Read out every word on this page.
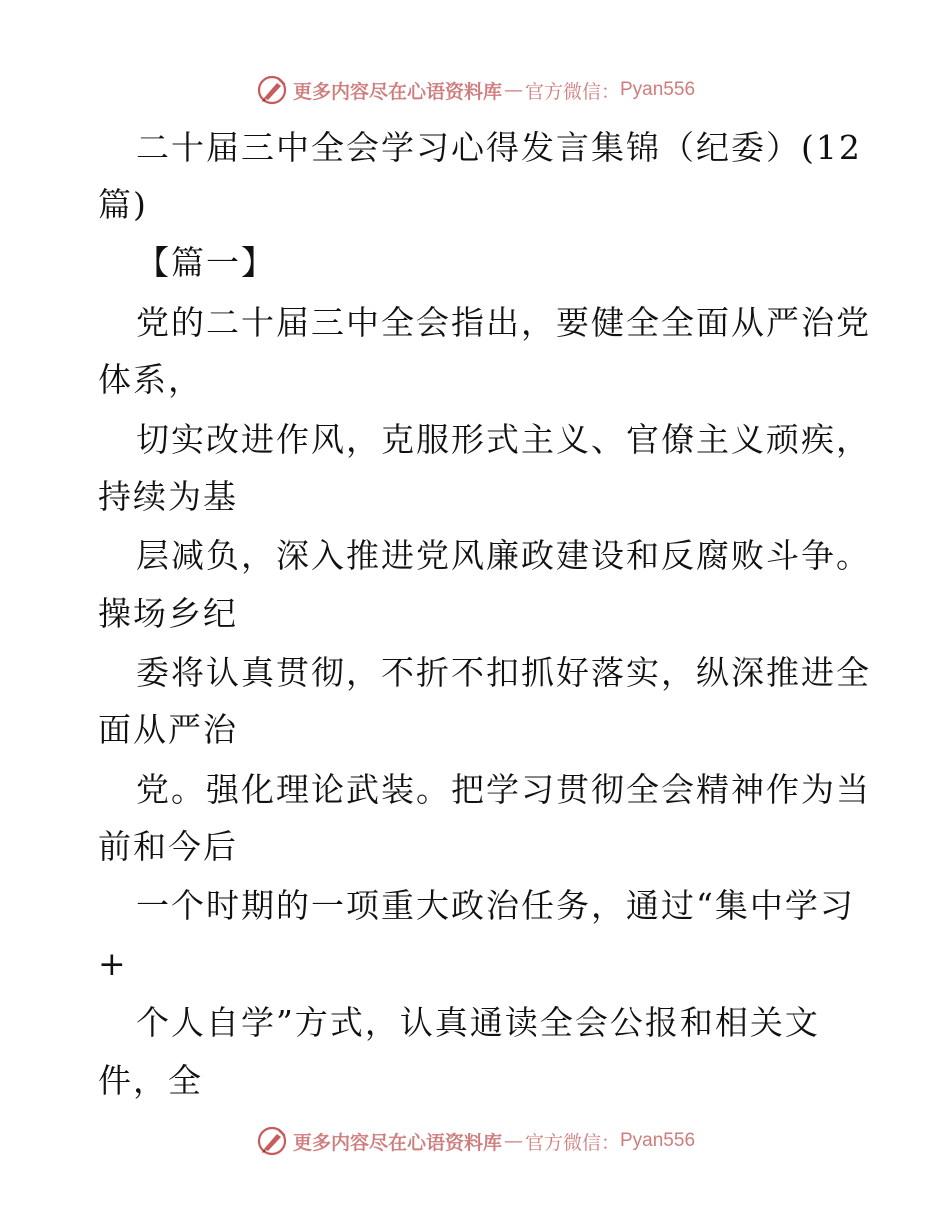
更多内容尽在心语资料库 — 官方微信： Pyan556
二十届三中全会学习心得发言集锦（纪委）(12
篇)
【篇一】
党的二十届三中全会指出，要健全全面从严治党
体系，
切实改进作风，克服形式主义、官僚主义顽疾，
持续为基
层减负，深入推进党风廉政建设和反腐败斗争。
操场乡纪
委将认真贯彻，不折不扣抓好落实，纵深推进全
面从严治
党。强化理论武装。把学习贯彻全会精神作为当
前和今后
一个时期的一项重大政治任务，通过“集中学习
+
个人自学”方式，认真通读全会公报和相关文
件，全
更多内容尽在心语资料库 — 官方微信： Pyan556
